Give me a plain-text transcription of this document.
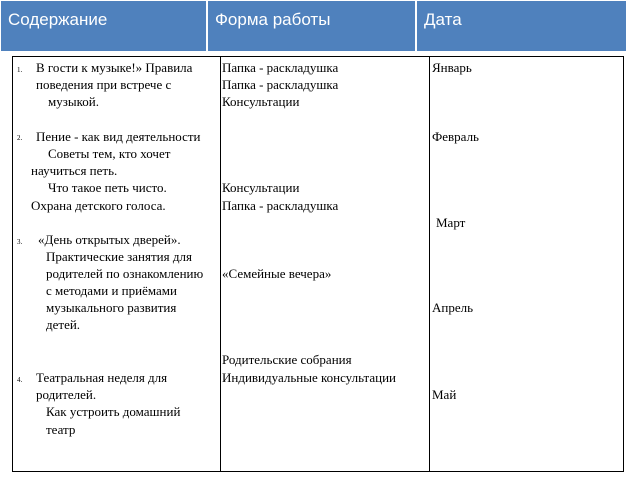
Содержание	Форма работы	Дата
1. В гости к музыке!» Правила
поведения при встрече с
музыкой.
2. Пение - как вид деятельности
Советы тем, кто хочет
научиться петь.
Что такое петь чисто.
Охрана детского голоса.
3. «День открытых дверей».
Практические занятия для
родителей по ознакомлению
с методами и приёмами
музыкального развития
детей.
4. Театральная неделя для
родителей.
Как устроить домашний
театр
Папка - раскладушка
Папка - раскладушка
Консультации
Консультации
Папка - раскладушка
«Семейные вечера»
Родительские собрания
Индивидуальные консультации
Январь
Февраль
Март
Апрель
Май
